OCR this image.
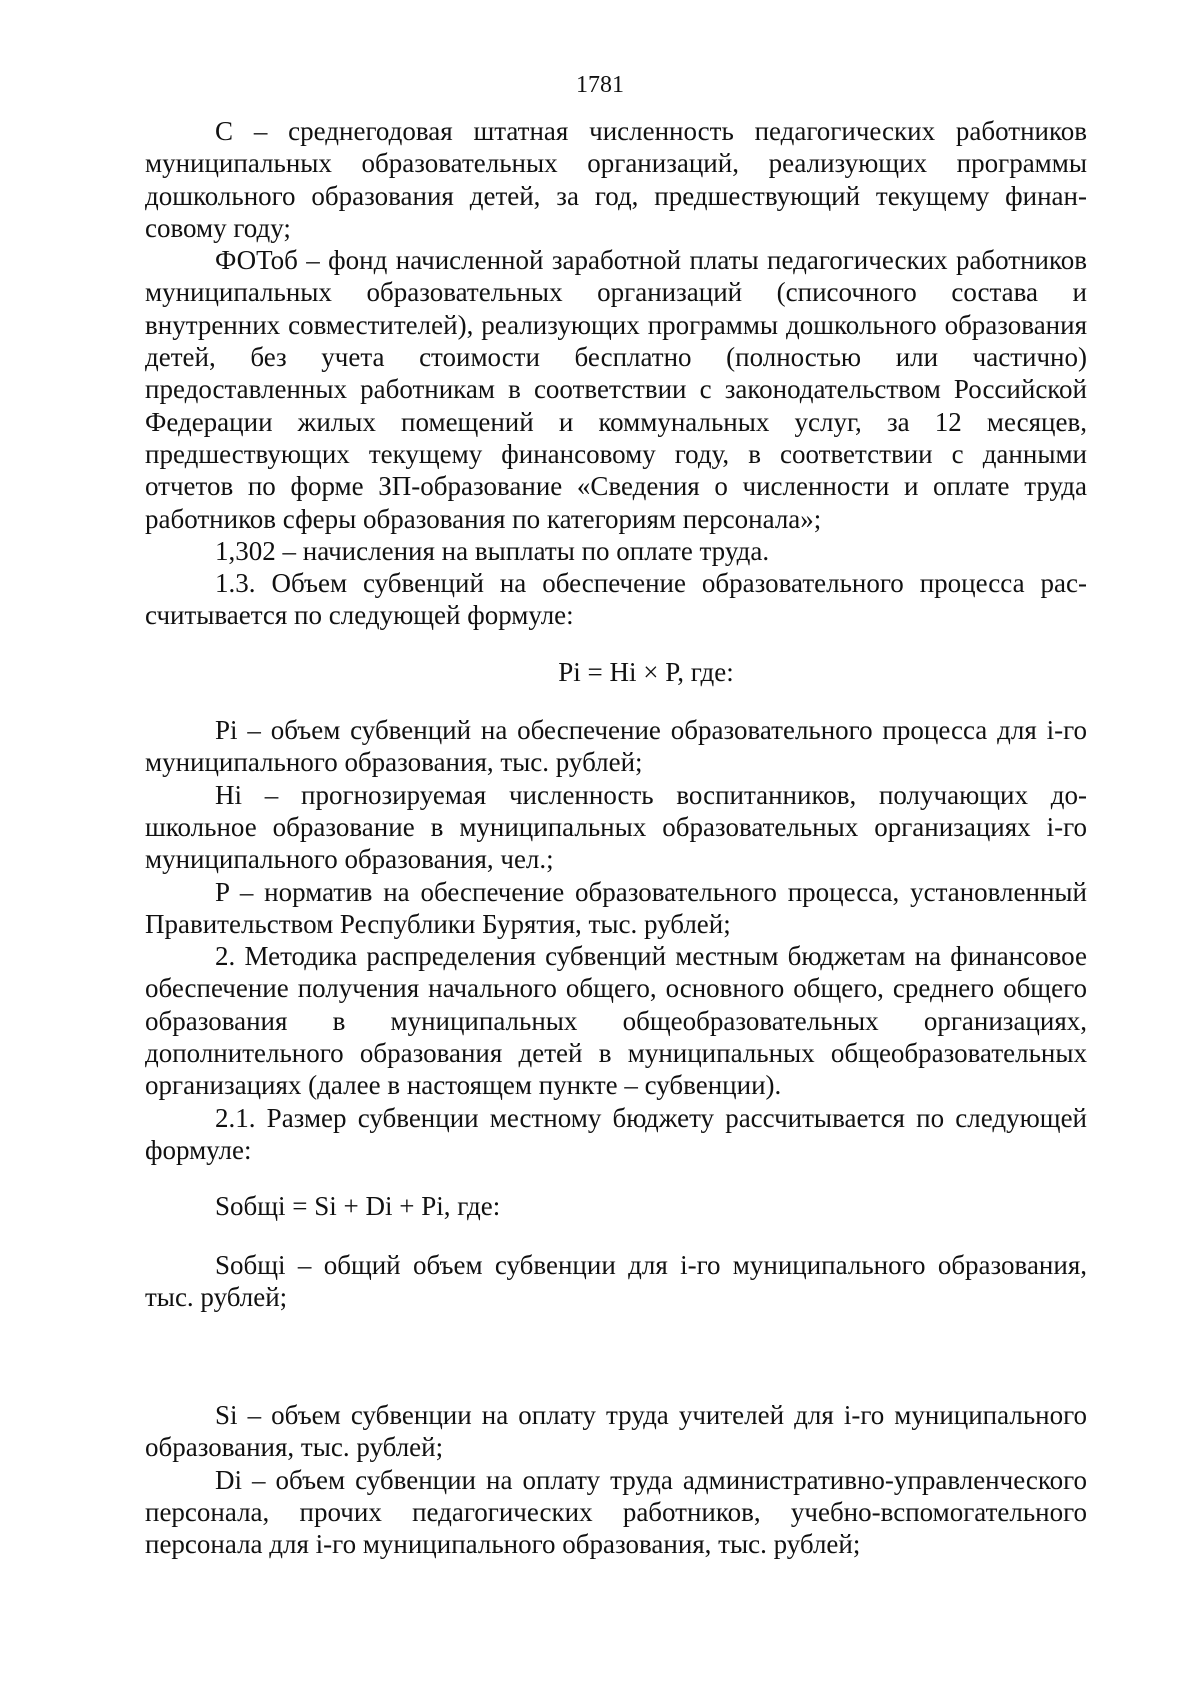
1781

С – среднегодовая штатная численность педагогических работников муниципальных образовательных организаций, реализующих программы дошкольного образования детей, за год, предшествующий текущему финансовому году;

ФОТоб – фонд начисленной заработной платы педагогических работников муниципальных образовательных организаций (списочного состава и внутренних совместителей), реализующих программы дошкольного образования детей, без учета стоимости бесплатно (полностью или частично) предоставленных работникам в соответствии с законодательством Российской Федерации жилых помещений и коммунальных услуг, за 12 месяцев, предшествующих текущему финансовому году, в соответствии с данными отчетов по форме ЗП-образование «Сведения о численности и оплате труда работников сферы образования по категориям персонала»;

1,302 – начисления на выплаты по оплате труда.

1.3. Объем субвенций на обеспечение образовательного процесса рассчитывается по следующей формуле:

Pi = Hi × P, где:

Pi – объем субвенций на обеспечение образовательного процесса для i-го муниципального образования, тыс. рублей;

Hi – прогнозируемая численность воспитанников, получающих дошкольное образование в муниципальных образовательных организациях i-го муниципального образования, чел.;

P – норматив на обеспечение образовательного процесса, установленный Правительством Республики Бурятия, тыс. рублей;

2. Методика распределения субвенций местным бюджетам на финансовое обеспечение получения начального общего, основного общего, среднего общего образования в муниципальных общеобразовательных организациях, дополнительного образования детей в муниципальных общеобразовательных организациях (далее в настоящем пункте – субвенции).

2.1. Размер субвенции местному бюджету рассчитывается по следующей формуле:

Sобщi = Si + Di + Pi, где:

Sобщi – общий объем субвенции для i-го муниципального образования, тыс. рублей;

Si – объем субвенции на оплату труда учителей для i-го муниципального образования, тыс. рублей;

Di – объем субвенции на оплату труда административно-управленческого персонала, прочих педагогических работников, учебно-вспомогательного персонала для i-го муниципального образования, тыс. рублей;
